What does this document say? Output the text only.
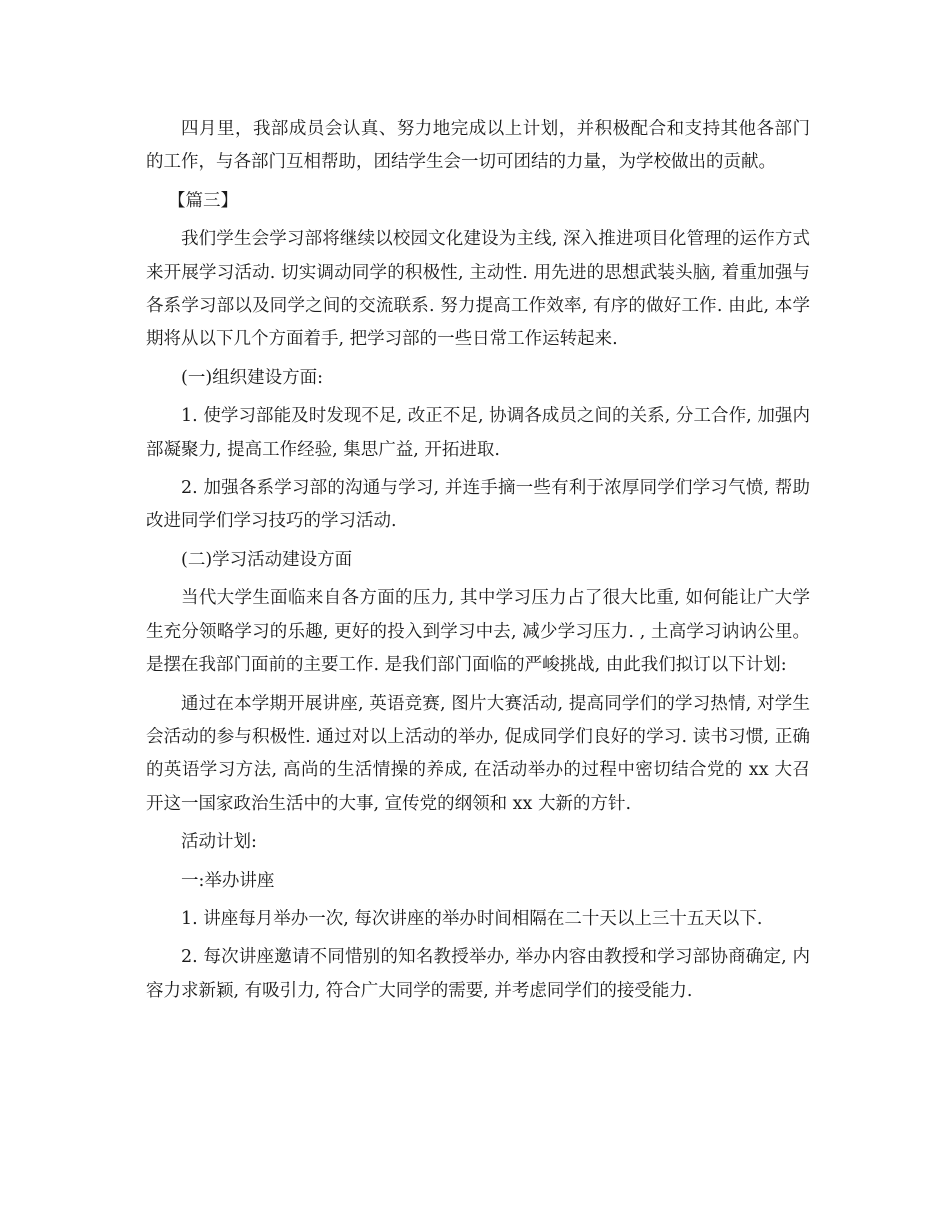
四月里，我部成员会认真、努力地完成以上计划，并积极配合和支持其他各部门的工作，与各部门互相帮助，团结学生会一切可团结的力量，为学校做出的贡献。

【篇三】

我们学生会学习部将继续以校园文化建设为主线, 深入推进项目化管理的运作方式来开展学习活动. 切实调动同学的积极性, 主动性. 用先进的思想武装头脑, 着重加强与各系学习部以及同学之间的交流联系. 努力提高工作效率, 有序的做好工作. 由此, 本学期将从以下几个方面着手, 把学习部的一些日常工作运转起来.

(一)组织建设方面:

1. 使学习部能及时发现不足, 改正不足, 协调各成员之间的关系, 分工合作, 加强内部凝聚力, 提高工作经验, 集思广益, 开拓进取.

2. 加强各系学习部的沟通与学习, 并连手摘一些有利于浓厚同学们学习气愤, 帮助改进同学们学习技巧的学习活动.

(二)学习活动建设方面

当代大学生面临来自各方面的压力, 其中学习压力占了很大比重, 如何能让广大学生充分领略学习的乐趣, 更好的投入到学习中去, 减少学习压力. , 土高学习讷讷公里。是摆在我部门面前的主要工作. 是我们部门面临的严峻挑战, 由此我们拟订以下计划:

通过在本学期开展讲座, 英语竞赛, 图片大赛活动, 提高同学们的学习热情, 对学生会活动的参与积极性. 通过对以上活动的举办, 促成同学们良好的学习. 读书习惯, 正确的英语学习方法, 高尚的生活情操的养成, 在活动举办的过程中密切结合党的 xx 大召开这一国家政治生活中的大事, 宣传党的纲领和 xx 大新的方针.

活动计划:

一:举办讲座

1. 讲座每月举办一次, 每次讲座的举办时间相隔在二十天以上三十五天以下.

2. 每次讲座邀请不同惜别的知名教授举办, 举办内容由教授和学习部协商确定, 内容力求新颖, 有吸引力, 符合广大同学的需要, 并考虑同学们的接受能力.
